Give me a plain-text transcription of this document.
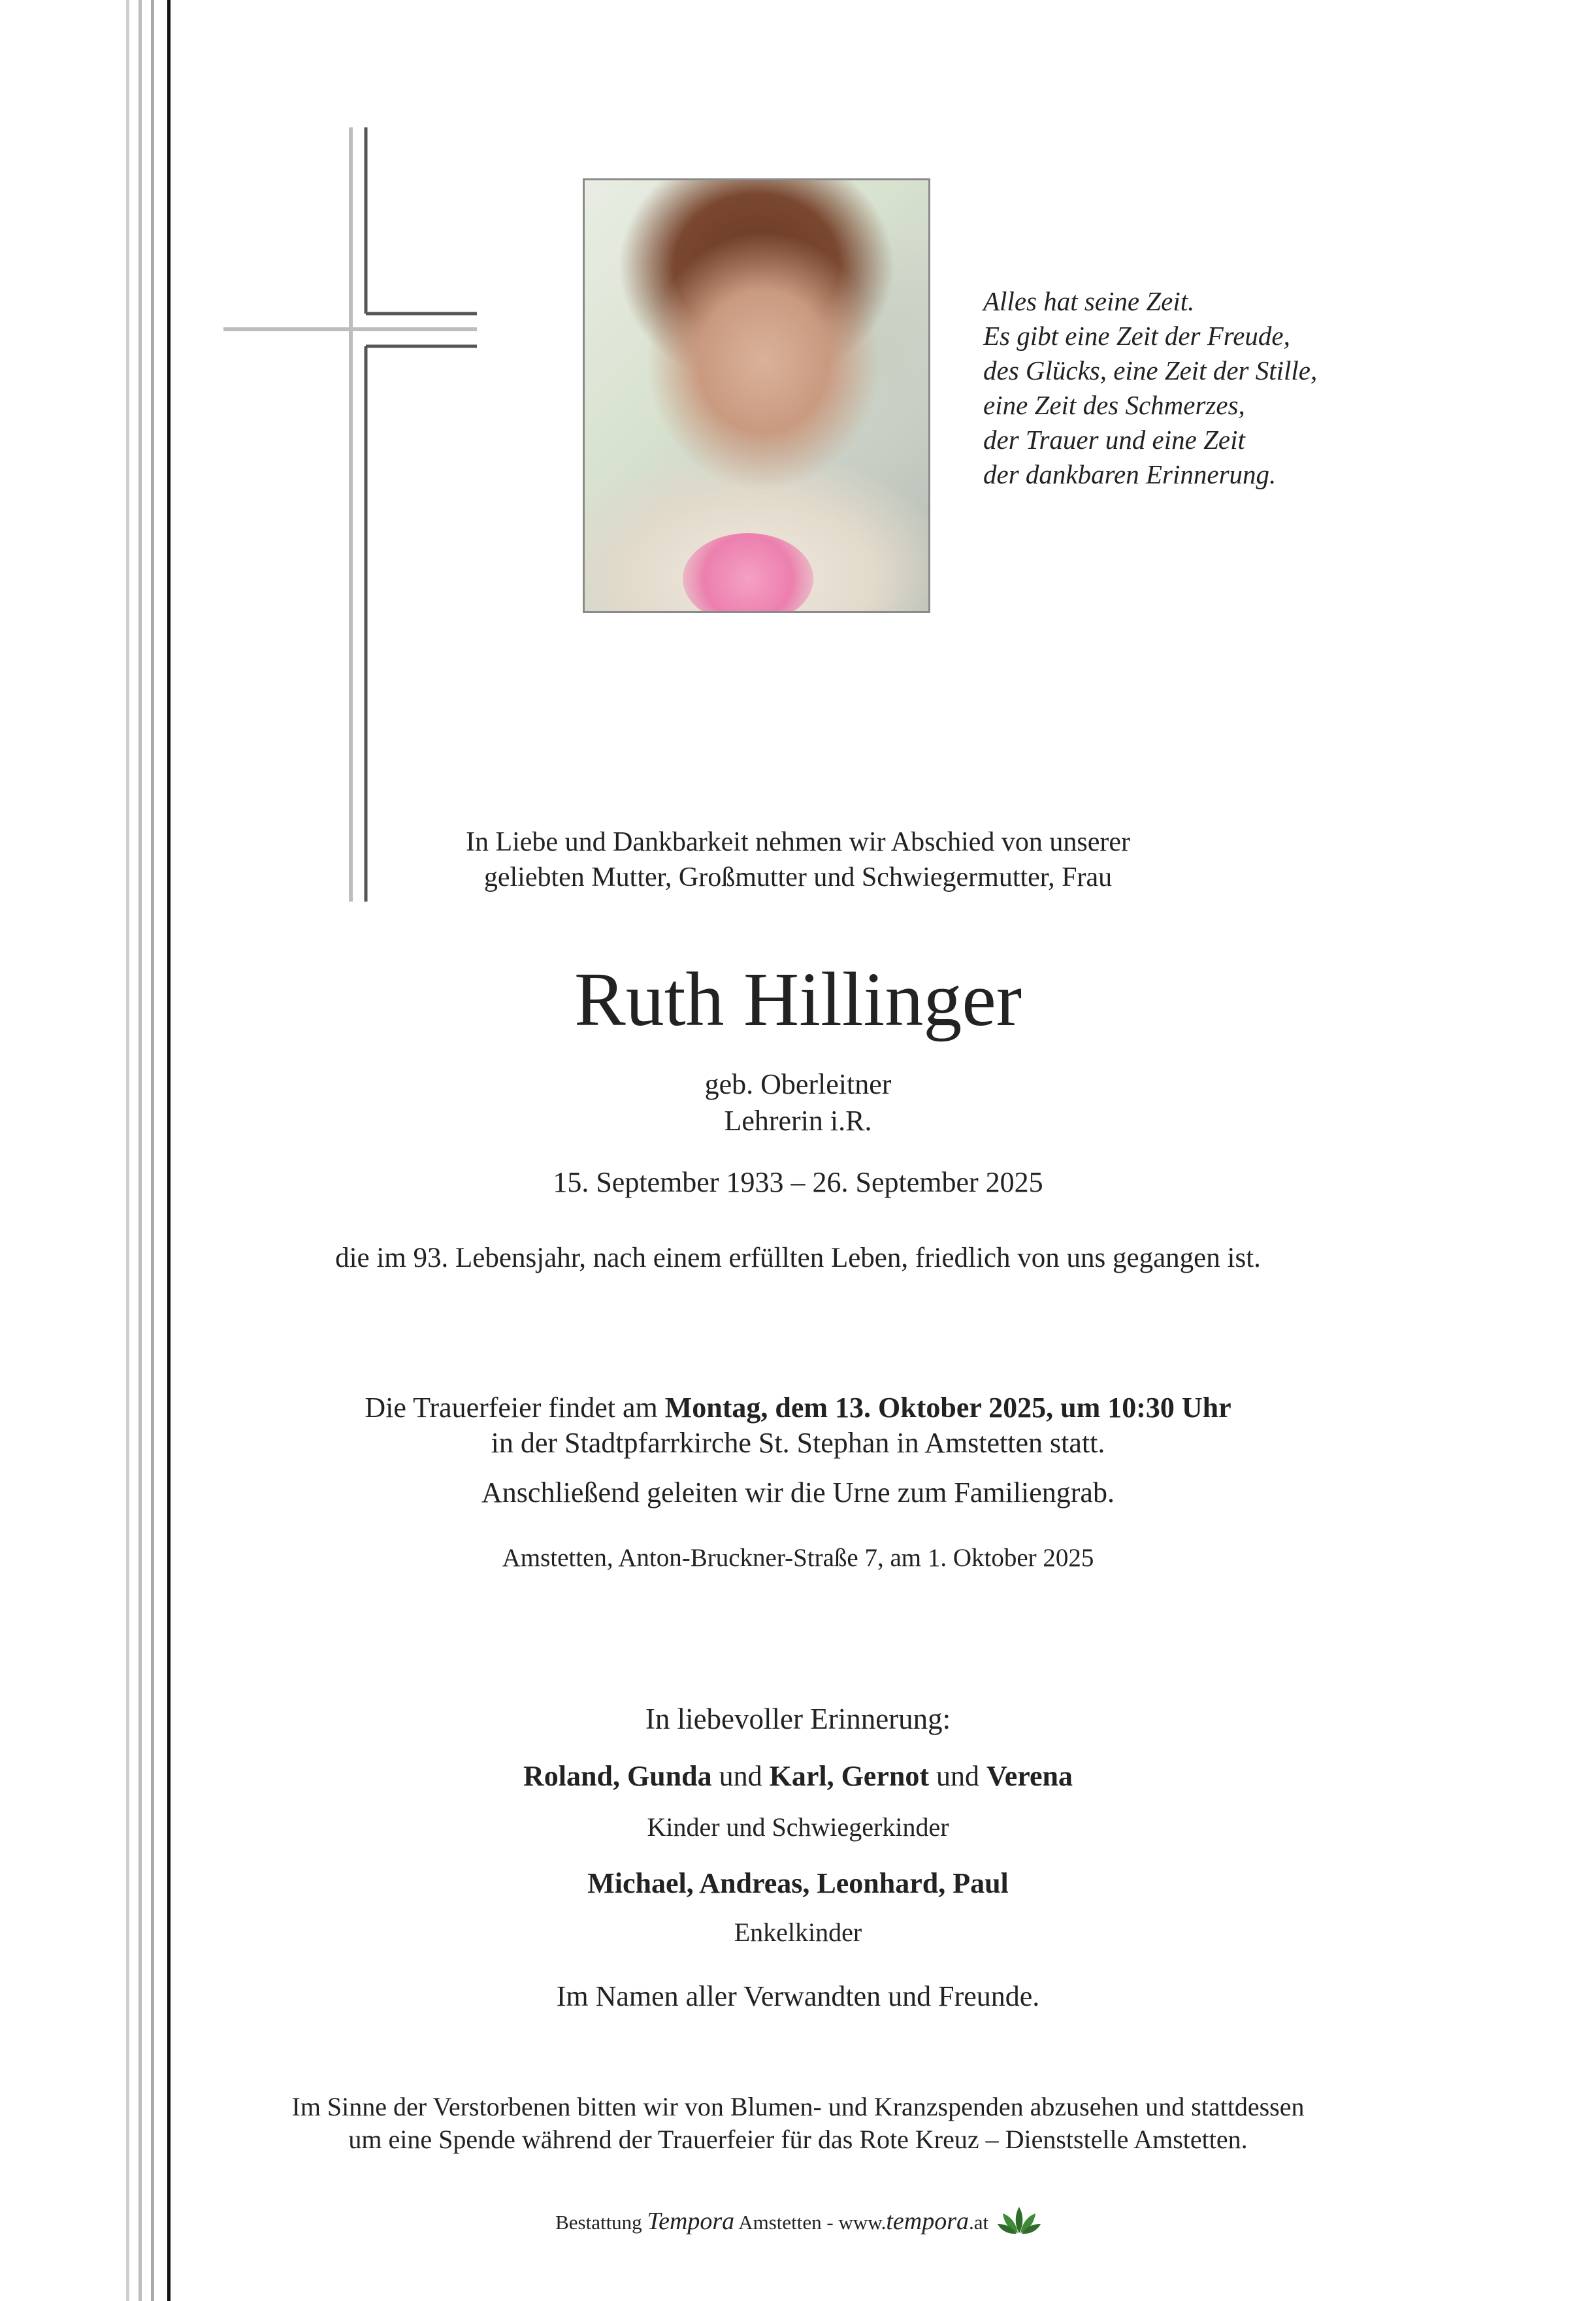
Alles hat seine Zeit.
Es gibt eine Zeit der Freude,
des Glücks, eine Zeit der Stille,
eine Zeit des Schmerzes,
der Trauer und eine Zeit
der dankbaren Erinnerung.
In Liebe und Dankbarkeit nehmen wir Abschied von unserer
geliebten Mutter, Großmutter und Schwiegermutter, Frau
Ruth Hillinger
geb. Oberleitner
Lehrerin i.R.
15. September 1933 – 26. September 2025
die im 93. Lebensjahr, nach einem erfüllten Leben, friedlich von uns gegangen ist.
Die Trauerfeier findet am Montag, dem 13. Oktober 2025, um 10:30 Uhr
in der Stadtpfarrkirche St. Stephan in Amstetten statt.
Anschließend geleiten wir die Urne zum Familiengrab.
Amstetten, Anton-Bruckner-Straße 7, am 1. Oktober 2025
In liebevoller Erinnerung:
Roland, Gunda und Karl, Gernot und Verena
Kinder und Schwiegerkinder
Michael, Andreas, Leonhard, Paul
Enkelkinder
Im Namen aller Verwandten und Freunde.
Im Sinne der Verstorbenen bitten wir von Blumen- und Kranzspenden abzusehen und stattdessen
um eine Spende während der Trauerfeier für das Rote Kreuz – Dienststelle Amstetten.
Bestattung Tempora Amstetten - www.tempora.at
